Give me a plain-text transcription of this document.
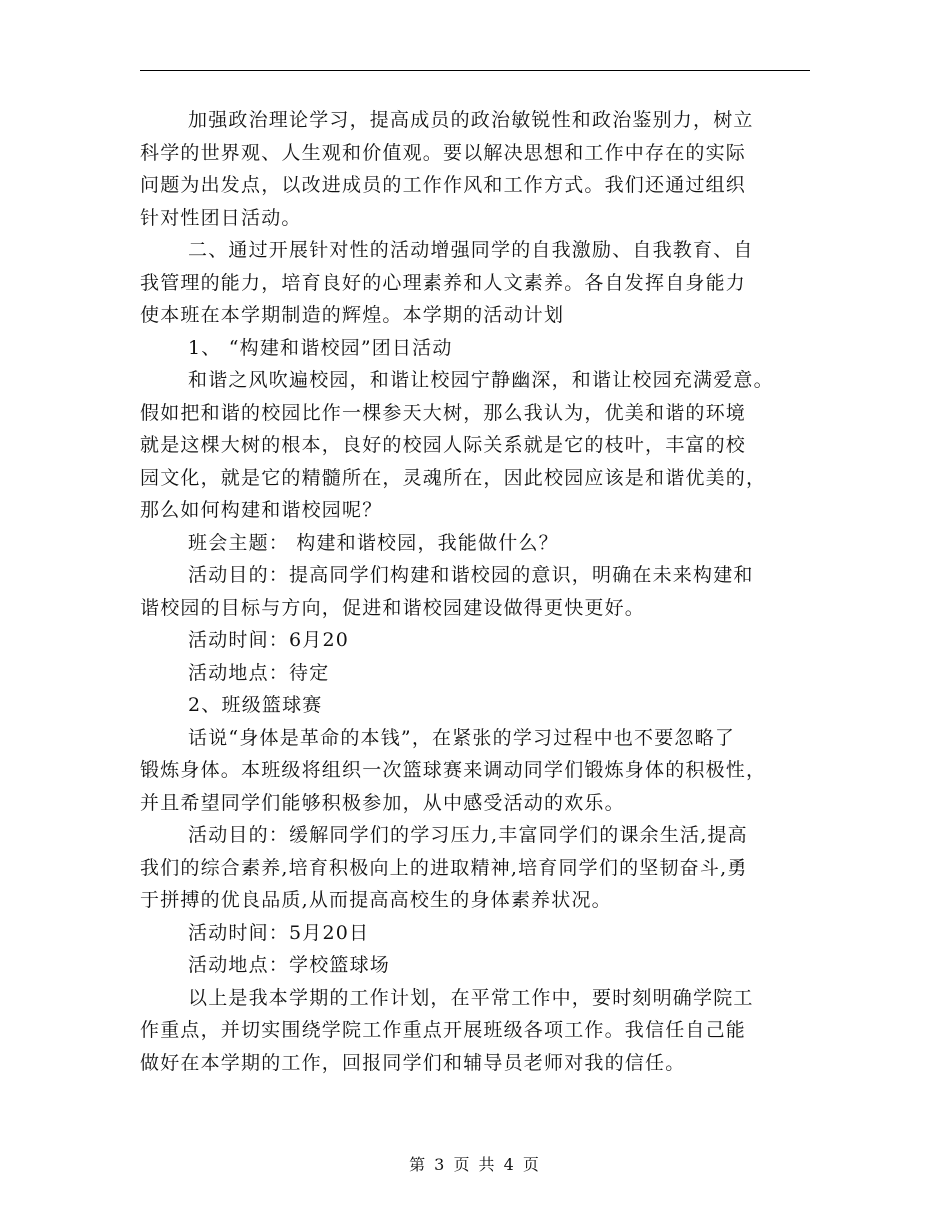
加强政治理论学习，提高成员的政治敏锐性和政治鉴别力，树立
科学的世界观、人生观和价值观。要以解决思想和工作中存在的实际
问题为出发点，以改进成员的工作作风和工作方式。我们还通过组织
针对性团日活动。
二、通过开展针对性的活动增强同学的自我激励、自我教育、自
我管理的能力，培育良好的心理素养和人文素养。各自发挥自身能力
使本班在本学期制造的辉煌。本学期的活动计划
1、 “构建和谐校园”团日活动
和谐之风吹遍校园，和谐让校园宁静幽深，和谐让校园充满爱意。
假如把和谐的校园比作一棵参天大树，那么我认为，优美和谐的环境
就是这棵大树的根本，良好的校园人际关系就是它的枝叶，丰富的校
园文化，就是它的精髓所在，灵魂所在，因此校园应该是和谐优美的，
那么如何构建和谐校园呢？
班会主题： 构建和谐校园，我能做什么？
活动目的：提高同学们构建和谐校园的意识，明确在未来构建和
谐校园的目标与方向，促进和谐校园建设做得更快更好。
活动时间：6月20
活动地点：待定
2、班级篮球赛
话说“身体是革命的本钱”，在紧张的学习过程中也不要忽略了
锻炼身体。本班级将组织一次篮球赛来调动同学们锻炼身体的积极性，
并且希望同学们能够积极参加，从中感受活动的欢乐。
活动目的：缓解同学们的学习压力,丰富同学们的课余生活,提高
我们的综合素养,培育积极向上的进取精神,培育同学们的坚韧奋斗,勇
于拼搏的优良品质,从而提高高校生的身体素养状况。
活动时间：5月20日
活动地点：学校篮球场
以上是我本学期的工作计划，在平常工作中，要时刻明确学院工
作重点，并切实围绕学院工作重点开展班级各项工作。我信任自己能
做好在本学期的工作，回报同学们和辅导员老师对我的信任。
第 3 页 共 4 页
